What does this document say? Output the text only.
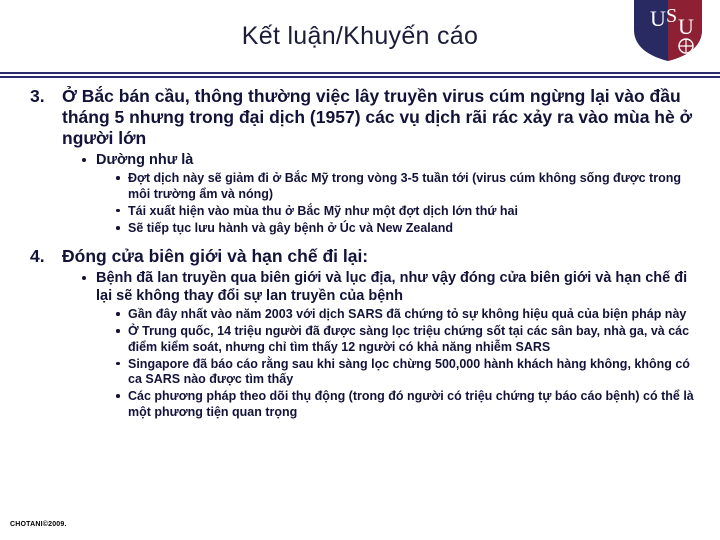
Kết luận/Khuyến cáo
U S U
3. Ở Bắc bán cầu, thông thường việc lây truyền virus cúm ngừng lại vào đầu tháng 5 nhưng trong đại dịch (1957) các vụ dịch rãi rác xảy ra vào mùa hè ở người lớn
Dường như là
Đợt dịch này sẽ giảm đi ở Bắc Mỹ trong vòng 3-5 tuần tới (virus cúm không sống được trong môi trường ẩm và nóng)
Tái xuất hiện vào mùa thu ở Bắc Mỹ như một đợt dịch lớn thứ hai
Sẽ tiếp tục lưu hành và gây bệnh ở Úc và New Zealand
4. Đóng cửa biên giới và hạn chế đi lại:
Bệnh đã lan truyền qua biên giới và lục địa, như vậy đóng cửa biên giới và hạn chế đi lại sẽ không thay đổi sự lan truyền của bệnh
Gần đây nhất vào năm 2003 với dịch SARS đã chứng tỏ sự không hiệu quả của biện pháp này
Ở Trung quốc, 14 triệu người đã được sàng lọc triệu chứng sốt tại các sân bay, nhà ga, và các điểm kiểm soát, nhưng chỉ tìm thấy 12 người có khả năng nhiễm SARS
Singapore đã báo cáo rằng sau khi sàng lọc chừng 500,000 hành khách hàng không, không có ca SARS nào được tìm thấy
Các phương pháp theo dõi thụ động (trong đó người có triệu chứng tự báo cáo bệnh) có thể là một phương tiện quan trọng
CHOTANI©2009.
